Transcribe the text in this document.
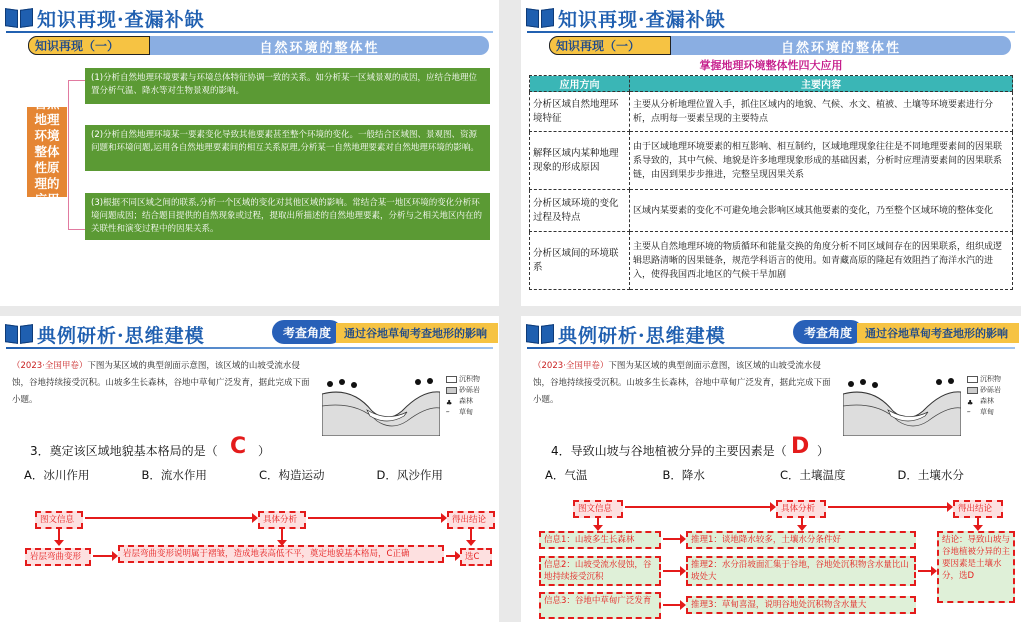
知识再现·查漏补缺
知识再现（一）	自然环境的整体性
自然地理环境整体性原理的应用
(1)分析自然地理环境要素与环境总体特征协调一致的关系。如分析某一区域景观的成因，应结合地理位置分析气温、降水等对生物景观的影响。
(2)分析自然地理环境某一要素变化导致其他要素甚至整个环境的变化。一般结合区域图、景观图、资源问题和环境问题,运用各自然地理要素间的相互关系原理,分析某一自然地理要素对自然地理环境的影响。
(3)根据不同区域之间的联系,分析一个区域的变化对其他区域的影响。常结合某一地区环境的变化分析环境问题成因；结合题目提供的自然现象或过程，提取出所描述的自然地理要素，分析与之相关地区内在的关联性和演变过程中的因果关系。
知识再现·查漏补缺
知识再现（一）	自然环境的整体性
掌握地理环境整体性四大应用
应用方向	主要内容
分析区域自然地理环境特征	主要从分析地理位置入手，抓住区域内的地貌、气候、水文、植被、土壤等环境要素进行分析，点明每一要素呈现的主要特点
解释区域内某种地理现象的形成原因	由于区域地理环境要素的相互影响、相互制约，区域地理现象往往是不同地理要素间的因果联系导致的，其中气候、地貌是许多地理现象形成的基础因素，分析时应理清要素间的因果联系链，由因到果步步推进，完整呈现因果关系
分析区域环境的变化过程及特点	区域内某要素的变化不可避免地会影响区域其他要素的变化，乃至整个区域环境的整体变化
分析区域间的环境联系	主要从自然地理环境的物质循环和能量交换的角度分析不同区域间存在的因果联系，组织成逻辑思路清晰的因果链条，规范学科语言的使用。如青藏高原的隆起有效阻挡了海洋水汽的进入，使得我国西北地区的气候干旱加剧
典例研析·思维建模	考查角度	通过谷地草甸考查地形的影响
（2023·全国甲卷）下图为某区域的典型剖面示意图，该区域的山坡受流水侵蚀，谷地持续接受沉积。山坡多生长森林，谷地中草甸广泛发育，据此完成下面小题。
沉积物
砂砾岩
♣ 森林
‴	草甸
3．奠定该区域地貌基本格局的是（ C ）
A．冰川作用	B．流水作用	C．构造运动	D．风沙作用
图文信息	具体分析	得出结论
岩层弯曲变形	岩层弯曲变形说明属于褶皱，造成地表高低不平，奠定地貌基本格局，C正确	选C
典例研析·思维建模	考查角度	通过谷地草甸考查地形的影响
（2023·全国甲卷）下图为某区域的典型剖面示意图，该区域的山坡受流水侵蚀，谷地持续接受沉积。山坡多生长森林，谷地中草甸广泛发育，据此完成下面小题。
沉积物
砂砾岩
♣ 森林
‴	草甸
4．导致山坡与谷地植被分异的主要因素是（ D ）
A．气温	B．降水	C．土壤温度	D．土壤水分
图文信息	具体分析	得出结论
信息1：山坡多生长森林
信息2：山坡受流水侵蚀，谷地持续接受沉积
信息3：谷地中草甸广泛发育
推理1：谈地降水较多，土壤水分条件好
推理2：水分沿坡面汇集于谷地，谷地处沉积物含水量比山坡处大
推理3：草甸喜湿，说明谷地处沉积物含水量大
结论：导致山坡与谷地植被分异的主要因素是土壤水分，选D
